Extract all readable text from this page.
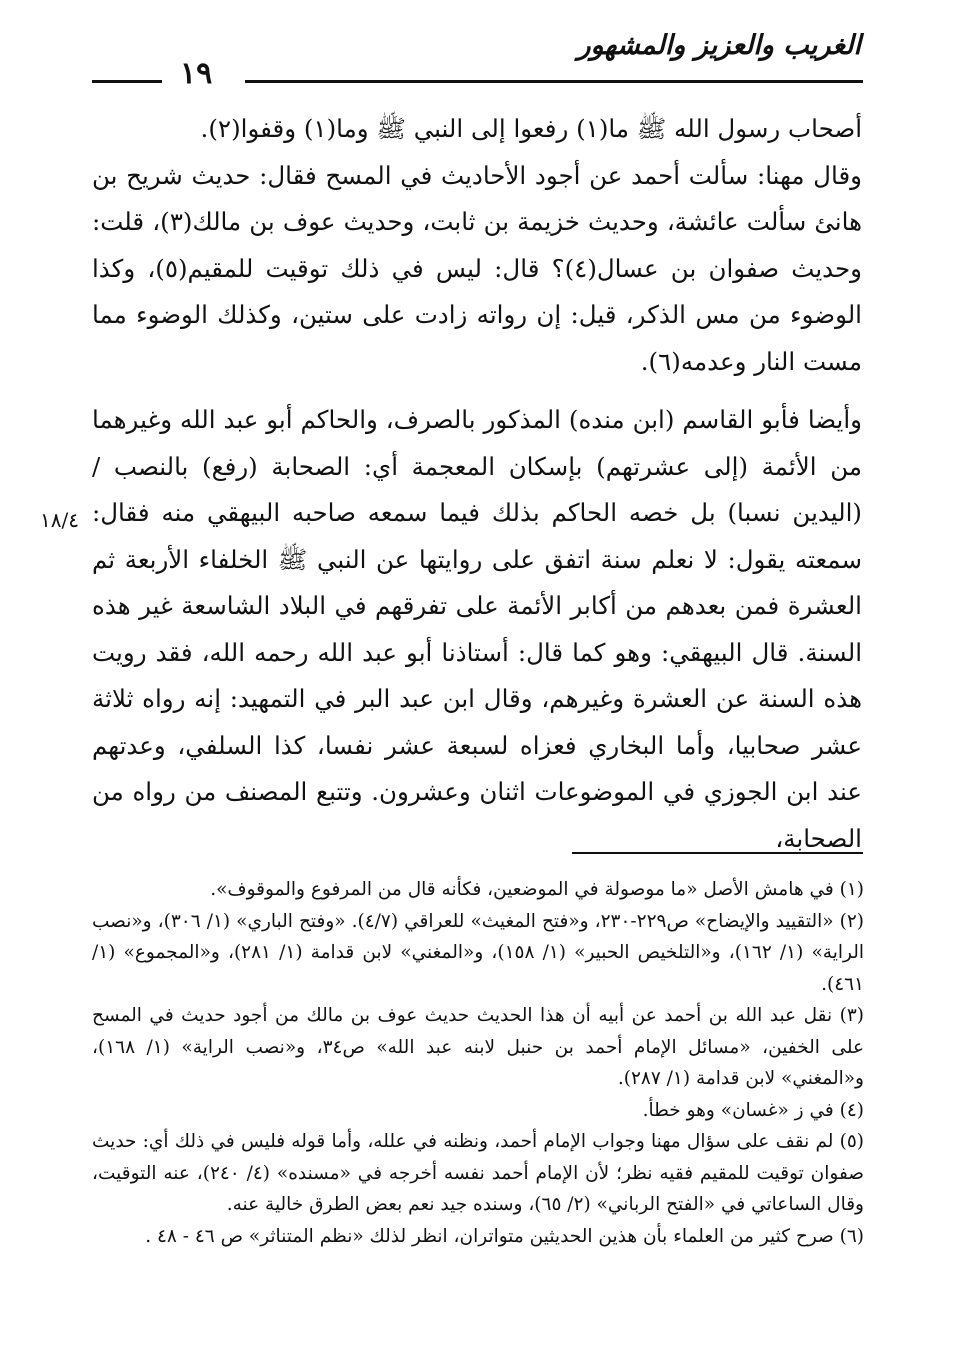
الغريب والعزيز والمشهور
١٩
١٨/٤

أصحاب رسول الله ﷺ ما(١) رفعوا إلى النبي ﷺ وما(١) وقفوا(٢).

وقال مهنا: سألت أحمد عن أجود الأحاديث في المسح فقال: حديث شريح بن هانئ سألت عائشة، وحديث خزيمة بن ثابت، وحديث عوف بن مالك(٣)، قلت: وحديث صفوان بن عسال(٤)؟ قال: ليس في ذلك توقيت للمقيم(٥)، وكذا الوضوء من مس الذكر، قيل: إن رواته زادت على ستين، وكذلك الوضوء مما مست النار وعدمه(٦).

وأيضا فأبو القاسم (ابن منده) المذكور بالصرف، والحاكم أبو عبد الله وغيرهما من الأئمة (إلى عشرتهم) بإسكان المعجمة أي: الصحابة (رفع) بالنصب / (اليدين نسبا) بل خصه الحاكم بذلك فيما سمعه صاحبه البيهقي منه فقال: سمعته يقول: لا نعلم سنة اتفق على روايتها عن النبي ﷺ الخلفاء الأربعة ثم العشرة فمن بعدهم من أكابر الأئمة على تفرقهم في البلاد الشاسعة غير هذه السنة. قال البيهقي: وهو كما قال: أستاذنا أبو عبد الله رحمه الله، فقد رويت هذه السنة عن العشرة وغيرهم، وقال ابن عبد البر في التمهيد: إنه رواه ثلاثة عشر صحابيا، وأما البخاري فعزاه لسبعة عشر نفسا، كذا السلفي، وعدتهم عند ابن الجوزي في الموضوعات اثنان وعشرون. وتتبع المصنف من رواه من الصحابة،

(١) في هامش الأصل «ما موصولة في الموضعين، فكأنه قال من المرفوع والموقوف».

(٢) «التقييد والإيضاح» ص٢٢٩-٢٣٠، و«فتح المغيث» للعراقي (٤/٧). «وفتح الباري» (١/ ٣٠٦)، و«نصب الراية» (١/ ١٦٢)، و«التلخيص الحبير» (١/ ١٥٨)، و«المغني» لابن قدامة (١/ ٢٨١)، و«المجموع» (١/ ٤٦١).

(٣) نقل عبد الله بن أحمد عن أبيه أن هذا الحديث حديث عوف بن مالك من أجود حديث في المسح على الخفين، «مسائل الإمام أحمد بن حنبل لابنه عبد الله» ص٣٤، و«نصب الراية» (١/ ١٦٨)، و«المغني» لابن قدامة (١/ ٢٨٧).

(٤) في ز «غسان» وهو خطأ.

(٥) لم نقف على سؤال مهنا وجواب الإمام أحمد، ونظنه في علله، وأما قوله فليس في ذلك أي: حديث صفوان توقيت للمقيم فقيه نظر؛ لأن الإمام أحمد نفسه أخرجه في «مسنده» (٤/ ٢٤٠)، عنه التوقيت، وقال الساعاتي في «الفتح الرباني» (٢/ ٦٥)، وسنده جيد نعم بعض الطرق خالية عنه.

(٦) صرح كثير من العلماء بأن هذين الحديثين متواتران، انظر لذلك «نظم المتناثر» ص ٤٦ - ٤٨ .
